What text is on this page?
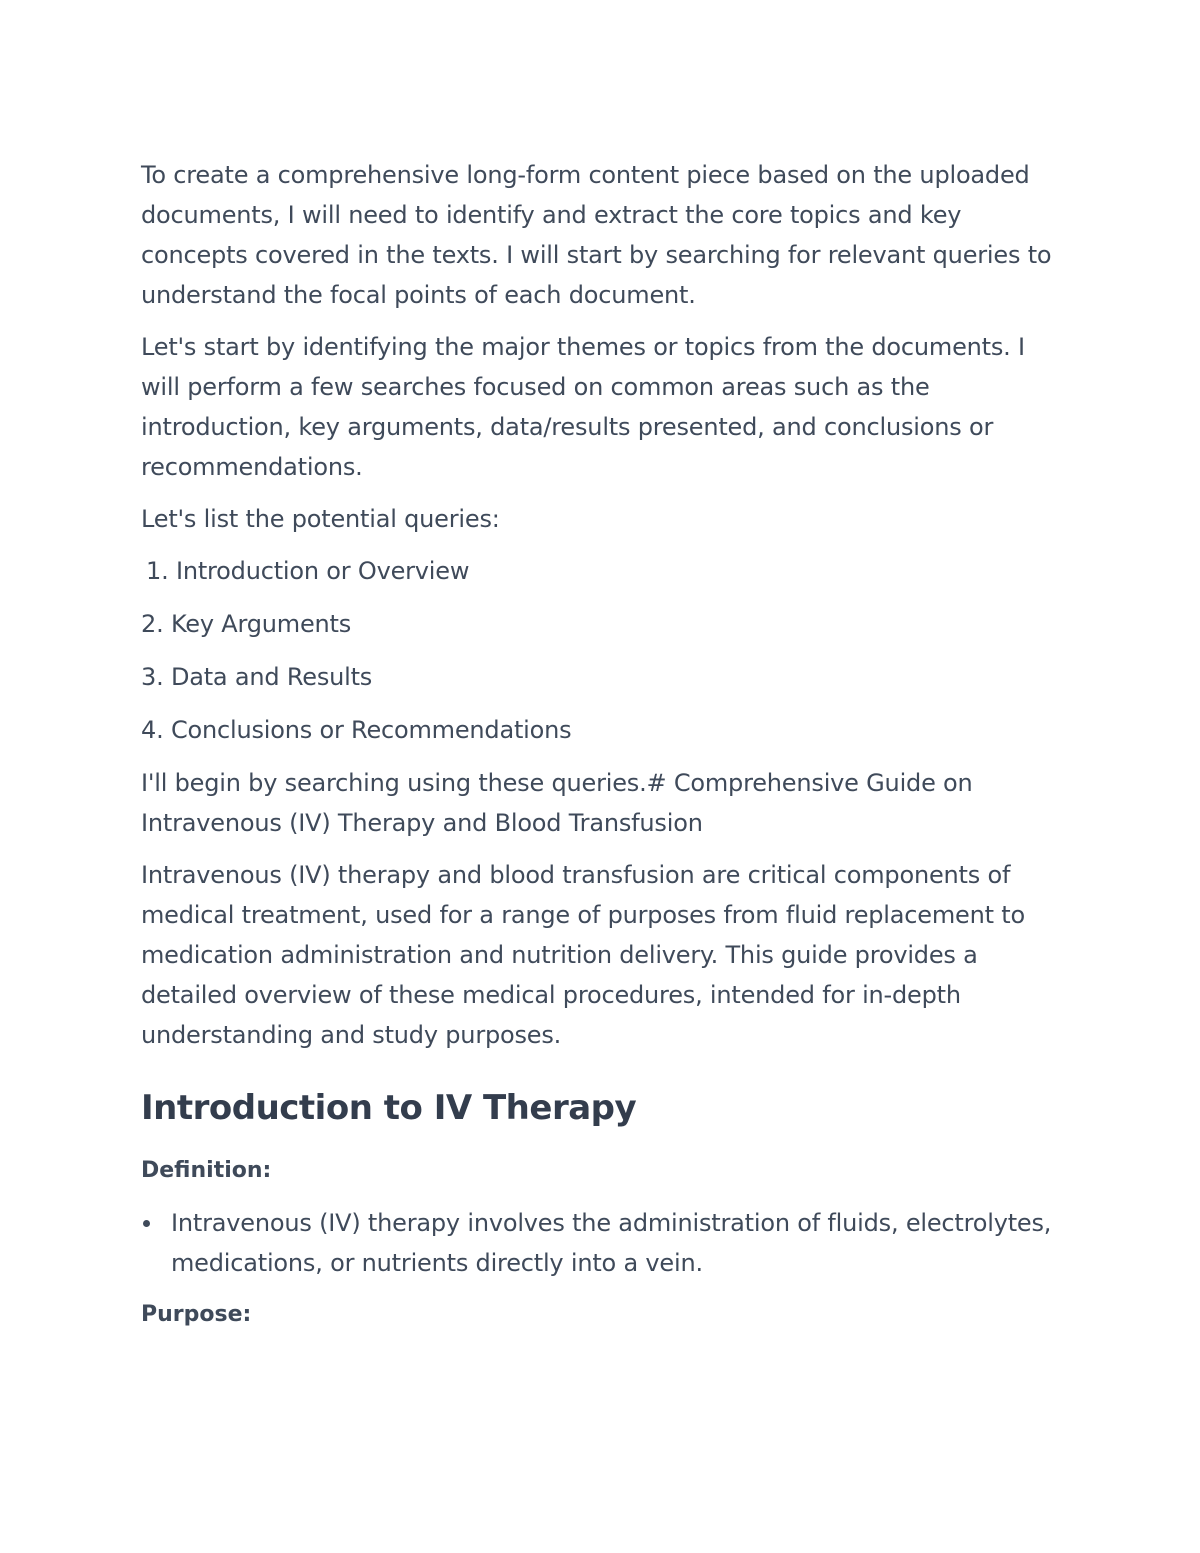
To create a comprehensive long-form content piece based on the uploaded documents, I will need to identify and extract the core topics and key concepts covered in the texts. I will start by searching for relevant queries to understand the focal points of each document.

Let's start by identifying the major themes or topics from the documents. I will perform a few searches focused on common areas such as the introduction, key arguments, data/results presented, and conclusions or recommendations.

Let's list the potential queries:

1. Introduction or Overview
2. Key Arguments
3. Data and Results
4. Conclusions or Recommendations

I'll begin by searching using these queries.# Comprehensive Guide on Intravenous (IV) Therapy and Blood Transfusion

Intravenous (IV) therapy and blood transfusion are critical components of medical treatment, used for a range of purposes from fluid replacement to medication administration and nutrition delivery. This guide provides a detailed overview of these medical procedures, intended for in-depth understanding and study purposes.

Introduction to IV Therapy
Definition:
Intravenous (IV) therapy involves the administration of fluids, electrolytes, medications, or nutrients directly into a vein.
Purpose:
